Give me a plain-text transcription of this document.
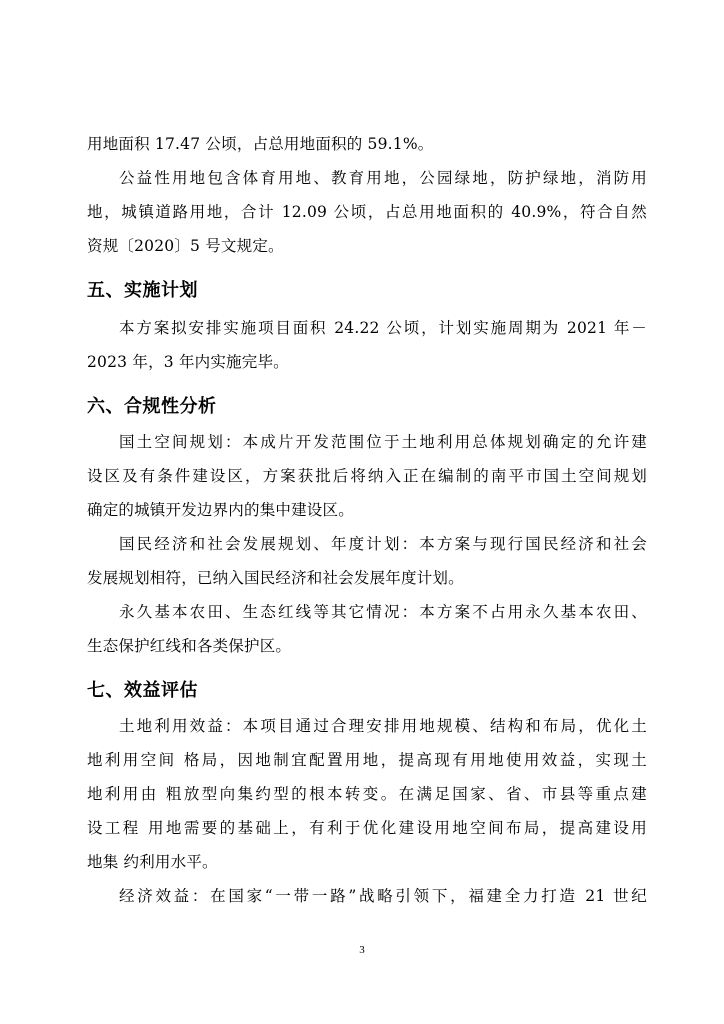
用地面积 17.47 公顷，占总用地面积的 59.1%。
公益性用地包含体育用地、教育用地，公园绿地，防护绿地，消防用
地，城镇道路用地，合计 12.09 公顷，占总用地面积的 40.9%，符合自然
资规〔2020〕5 号文规定。
五、实施计划
本方案拟安排实施项目面积 24.22 公顷，计划实施周期为 2021 年－
2023 年，3 年内实施完毕。
六、合规性分析
国土空间规划：本成片开发范围位于土地利用总体规划确定的允许建
设区及有条件建设区，方案获批后将纳入正在编制的南平市国土空间规划
确定的城镇开发边界内的集中建设区。
国民经济和社会发展规划、年度计划：本方案与现行国民经济和社会
发展规划相符，已纳入国民经济和社会发展年度计划。
永久基本农田、生态红线等其它情况：本方案不占用永久基本农田、
生态保护红线和各类保护区。
七、效益评估
土地利用效益：本项目通过合理安排用地规模、结构和布局，优化土
地利用空间 格局，因地制宜配置用地，提高现有用地使用效益，实现土
地利用由 粗放型向集约型的根本转变。在满足国家、省、市县等重点建
设工程 用地需要的基础上，有利于优化建设用地空间布局，提高建设用
地集 约利用水平。
经济效益：在国家“一带一路”战略引领下，福建全力打造 21 世纪
3
